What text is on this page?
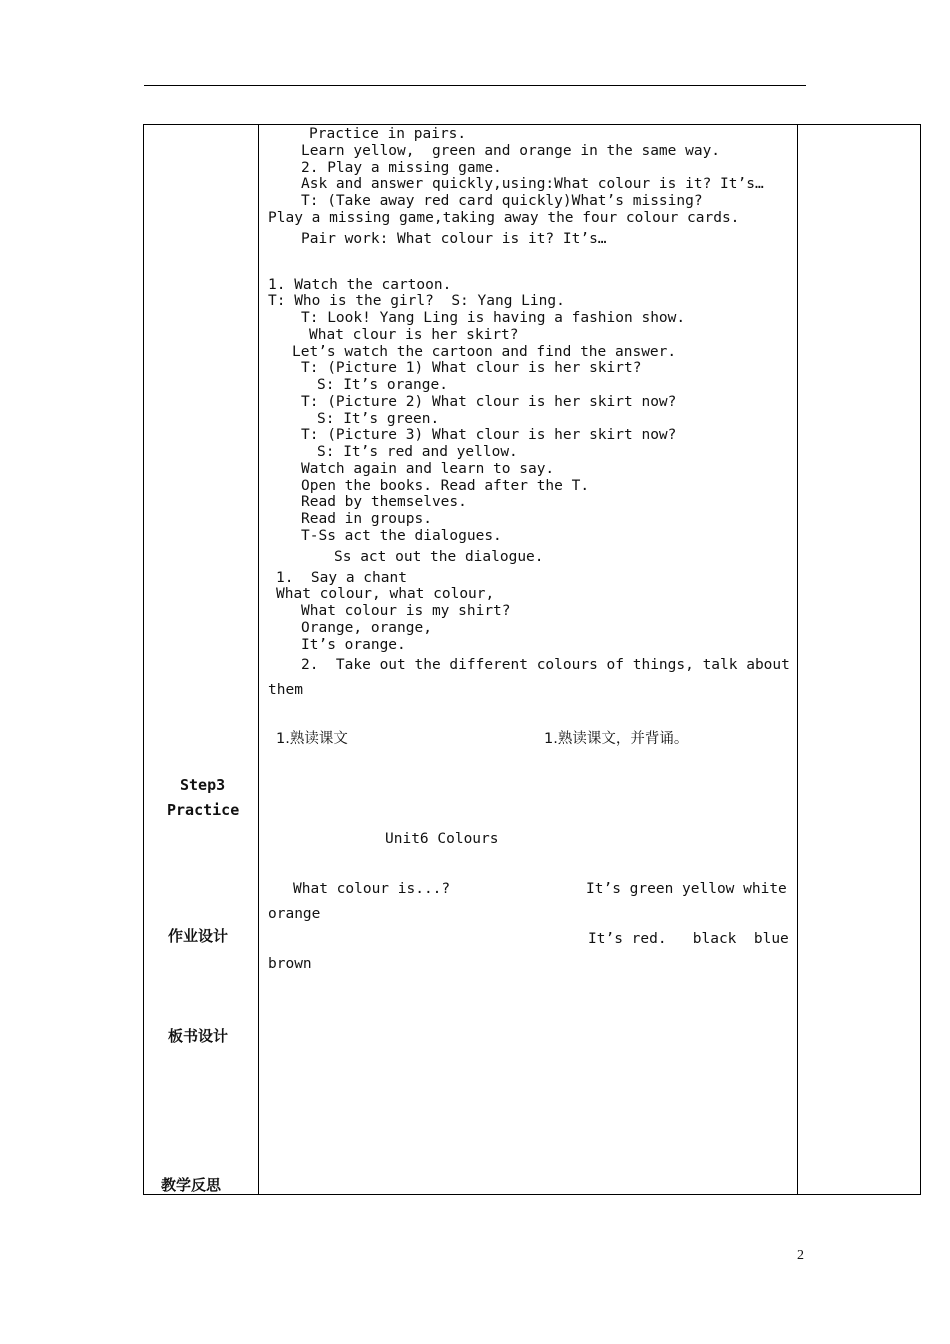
Step3
Practice
作业设计
板书设计
教学反思
Practice in pairs.
Learn yellow,  green and orange in the same way.
2. Play a missing game.
Ask and answer quickly,using:What colour is it? It’s…
T: (Take away red card quickly)What’s missing?
Play a missing game,taking away the four colour cards.
Pair work: What colour is it? It’s…
1. Watch the cartoon.
T: Who is the girl?  S: Yang Ling.
T: Look! Yang Ling is having a fashion show.
What clour is her skirt?
Let’s watch the cartoon and find the answer.
T: (Picture 1) What clour is her skirt?
S: It’s orange.
T: (Picture 2) What clour is her skirt now?
S: It’s green.
T: (Picture 3) What clour is her skirt now?
S: It’s red and yellow.
Watch again and learn to say.
Open the books. Read after the T.
Read by themselves.
Read in groups.
T-Ss act the dialogues.
Ss act out the dialogue.
1.  Say a chant
What colour, what colour,
What colour is my shirt?
Orange, orange,
It’s orange.
2.  Take out the different colours of things, talk about
them
1.熟读课文	1.熟读课文，并背诵。
Unit6 Colours
What colour is...?	It’s green yellow white
orange
It’s red.   black  blue
brown
2
